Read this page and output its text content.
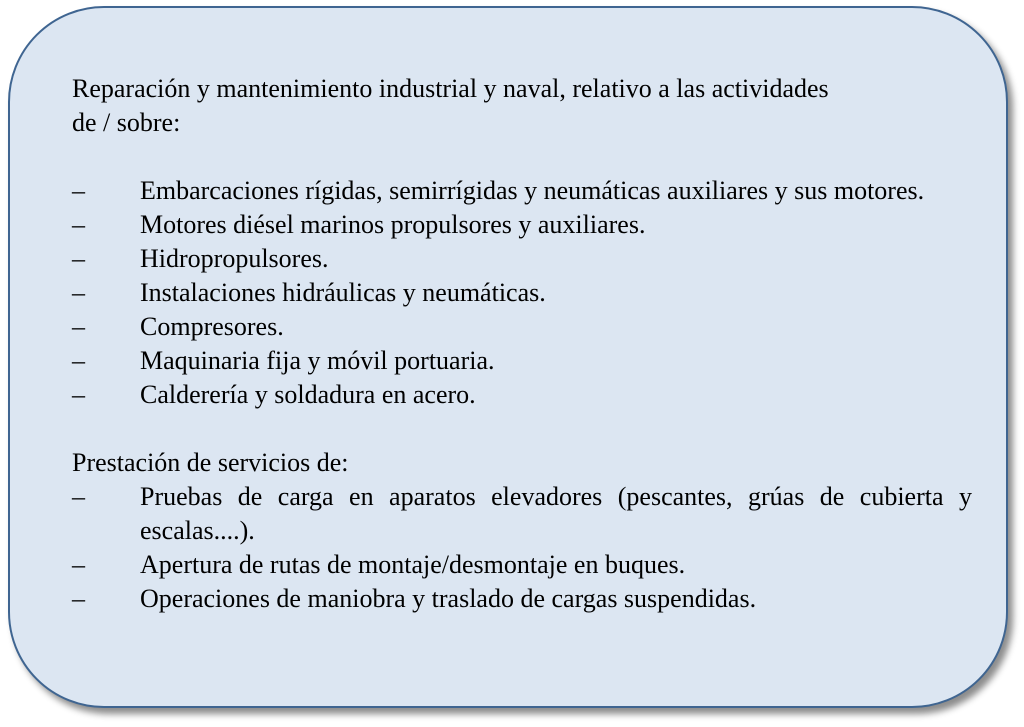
Reparación y mantenimiento industrial y naval, relativo a las actividades de / sobre:

–	Embarcaciones rígidas, semirrígidas y neumáticas auxiliares y sus motores.
–	Motores diésel marinos propulsores y auxiliares.
–	Hidropropulsores.
–	Instalaciones hidráulicas y neumáticas.
–	Compresores.
–	Maquinaria fija y móvil portuaria.
–	Calderería y soldadura en acero.

Prestación de servicios de:

–	Pruebas de carga en aparatos elevadores (pescantes, grúas de cubierta y escalas....).
–	Apertura de rutas de montaje/desmontaje en buques.
–	Operaciones de maniobra y traslado de cargas suspendidas.
